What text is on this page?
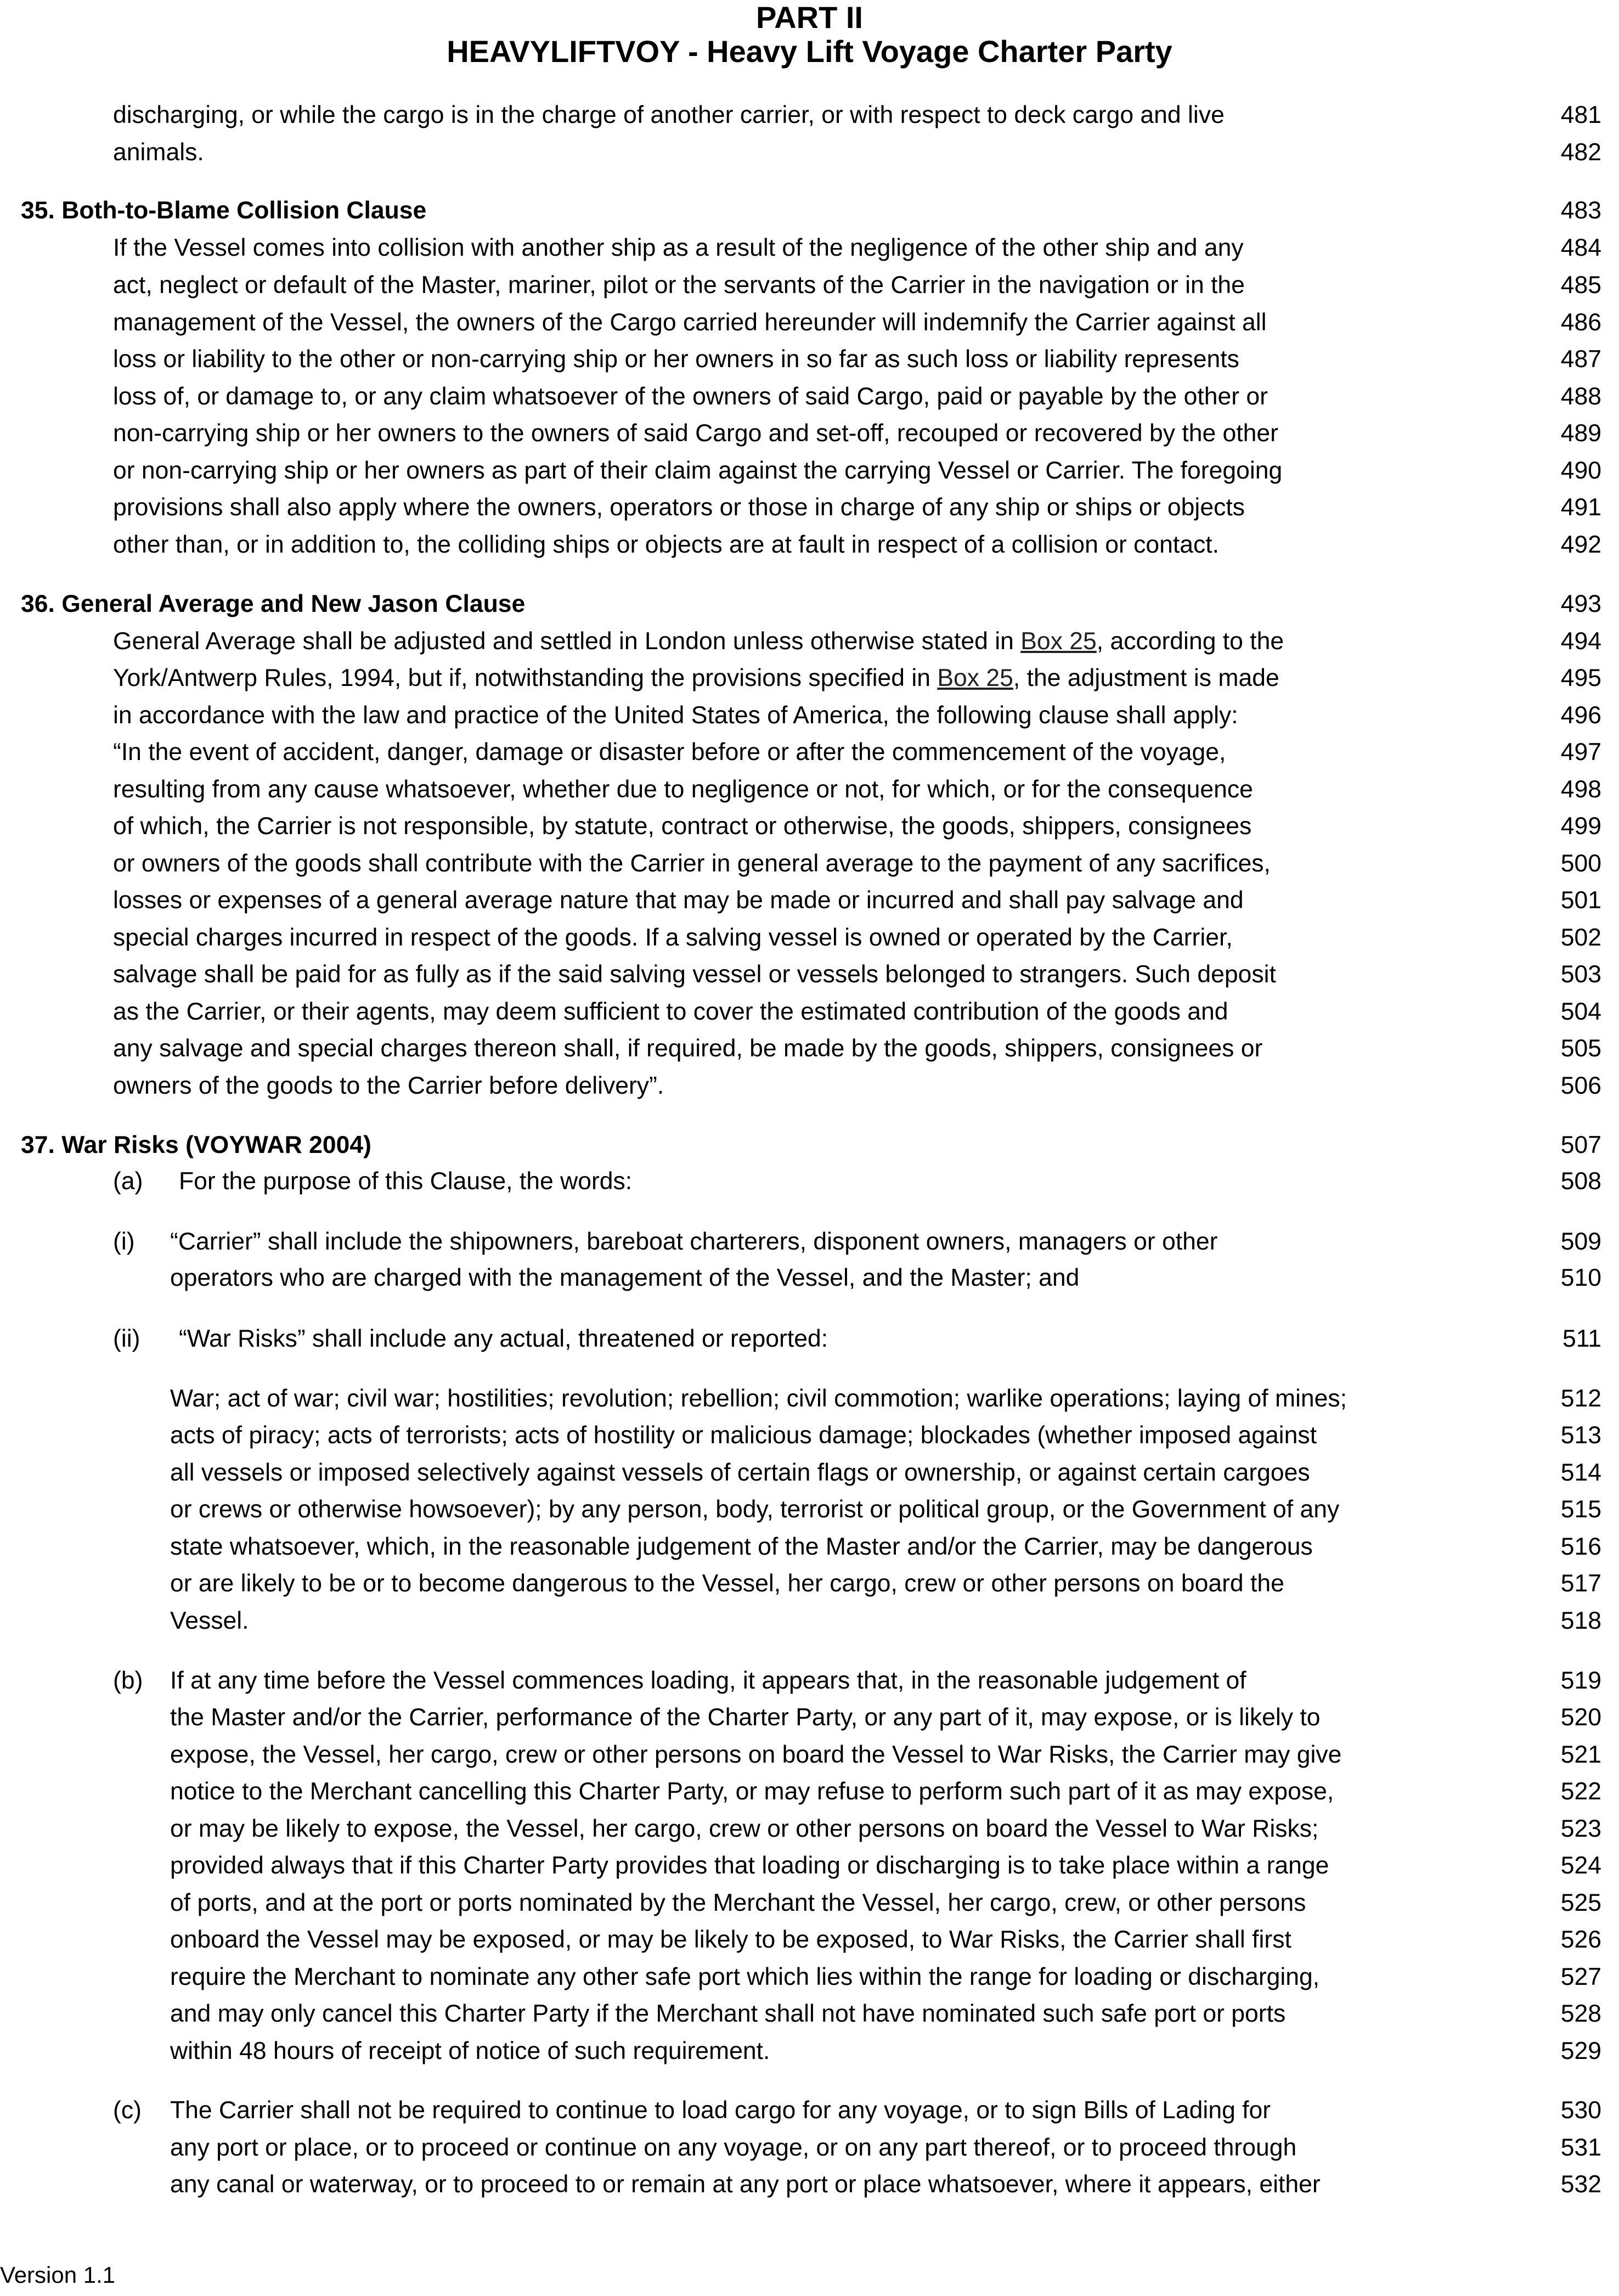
PART II
HEAVYLIFTVOY - Heavy Lift Voyage Charter Party
discharging, or while the cargo is in the charge of another carrier, or with respect to deck cargo and live	481
animals.	482
35. Both-to-Blame Collision Clause	483
If the Vessel comes into collision with another ship as a result of the negligence of the other ship and any	484
act, neglect or default of the Master, mariner, pilot or the servants of the Carrier in the navigation or in the	485
management of the Vessel, the owners of the Cargo carried hereunder will indemnify the Carrier against all	486
loss or liability to the other or non-carrying ship or her owners in so far as such loss or liability represents	487
loss of, or damage to, or any claim whatsoever of the owners of said Cargo, paid or payable by the other or	488
non-carrying ship or her owners to the owners of said Cargo and set-off, recouped or recovered by the other	489
or non-carrying ship or her owners as part of their claim against the carrying Vessel or Carrier. The foregoing	490
provisions shall also apply where the owners, operators or those in charge of any ship or ships or objects	491
other than, or in addition to, the colliding ships or objects are at fault in respect of a collision or contact.	492
36. General Average and New Jason Clause	493
General Average shall be adjusted and settled in London unless otherwise stated in Box 25, according to the	494
York/Antwerp Rules, 1994, but if, notwithstanding the provisions specified in Box 25, the adjustment is made	495
in accordance with the law and practice of the United States of America, the following clause shall apply:	496
“In the event of accident, danger, damage or disaster before or after the commencement of the voyage,	497
resulting from any cause whatsoever, whether due to negligence or not, for which, or for the consequence	498
of which, the Carrier is not responsible, by statute, contract or otherwise, the goods, shippers, consignees	499
or owners of the goods shall contribute with the Carrier in general average to the payment of any sacrifices,	500
losses or expenses of a general average nature that may be made or incurred and shall pay salvage and	501
special charges incurred in respect of the goods. If a salving vessel is owned or operated by the Carrier,	502
salvage shall be paid for as fully as if the said salving vessel or vessels belonged to strangers. Such deposit	503
as the Carrier, or their agents, may deem sufficient to cover the estimated contribution of the goods and	504
any salvage and special charges thereon shall, if required, be made by the goods, shippers, consignees or	505
owners of the goods to the Carrier before delivery”.	506
37. War Risks (VOYWAR 2004)	507
(a) For the purpose of this Clause, the words:	508
(i) “Carrier” shall include the shipowners, bareboat charterers, disponent owners, managers or other	509
operators who are charged with the management of the Vessel, and the Master; and	510
(ii) “War Risks” shall include any actual, threatened or reported:	511
War; act of war; civil war; hostilities; revolution; rebellion; civil commotion; warlike operations; laying of mines;	512
acts of piracy; acts of terrorists; acts of hostility or malicious damage; blockades (whether imposed against	513
all vessels or imposed selectively against vessels of certain flags or ownership, or against certain cargoes	514
or crews or otherwise howsoever); by any person, body, terrorist or political group, or the Government of any	515
state whatsoever, which, in the reasonable judgement of the Master and/or the Carrier, may be dangerous	516
or are likely to be or to become dangerous to the Vessel, her cargo, crew or other persons on board the	517
Vessel.	518
(b) If at any time before the Vessel commences loading, it appears that, in the reasonable judgement of	519
the Master and/or the Carrier, performance of the Charter Party, or any part of it, may expose, or is likely to	520
expose, the Vessel, her cargo, crew or other persons on board the Vessel to War Risks, the Carrier may give	521
notice to the Merchant cancelling this Charter Party, or may refuse to perform such part of it as may expose,	522
or may be likely to expose, the Vessel, her cargo, crew or other persons on board the Vessel to War Risks;	523
provided always that if this Charter Party provides that loading or discharging is to take place within a range	524
of ports, and at the port or ports nominated by the Merchant the Vessel, her cargo, crew, or other persons	525
onboard the Vessel may be exposed, or may be likely to be exposed, to War Risks, the Carrier shall first	526
require the Merchant to nominate any other safe port which lies within the range for loading or discharging,	527
and may only cancel this Charter Party if the Merchant shall not have nominated such safe port or ports	528
within 48 hours of receipt of notice of such requirement.	529
(c) The Carrier shall not be required to continue to load cargo for any voyage, or to sign Bills of Lading for	530
any port or place, or to proceed or continue on any voyage, or on any part thereof, or to proceed through	531
any canal or waterway, or to proceed to or remain at any port or place whatsoever, where it appears, either	532
Version 1.1
